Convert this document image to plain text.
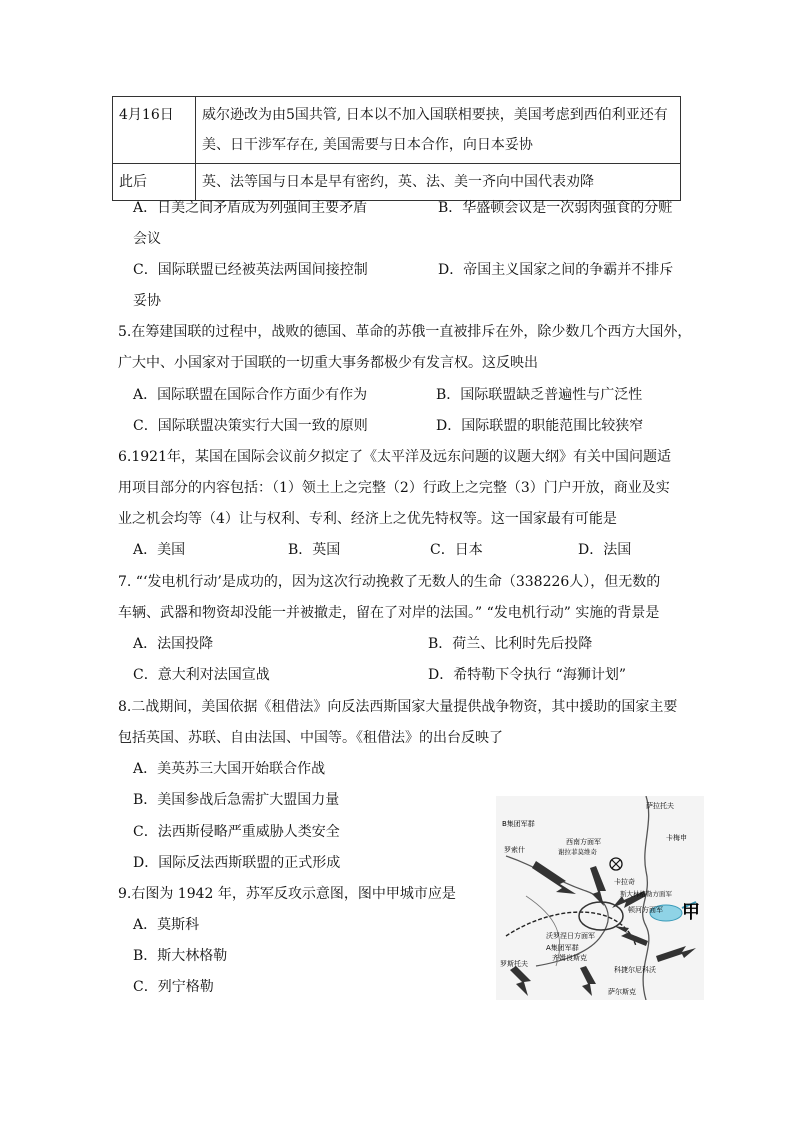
4月16日	威尔逊改为由5国共管, 日本以不加入国联相要挟，美国考虑到西伯利亚还有
美、日干涉军存在, 美国需要与日本合作，向日本妥协

此后	英、法等国与日本是早有密约，英、法、美一齐向中国代表劝降
A．日美之间矛盾成为列强间主要矛盾	B．华盛顿会议是一次弱肉强食的分赃
会议
C．国际联盟已经被英法两国间接控制	D．帝国主义国家之间的争霸并不排斥
妥协
5.在筹建国联的过程中，战败的德国、革命的苏俄一直被排斥在外，除少数几个西方大国外，
广大中、小国家对于国联的一切重大事务都极少有发言权。这反映出
A．国际联盟在国际合作方面少有作为	B．国际联盟缺乏普遍性与广泛性
C．国际联盟决策实行大国一致的原则	D．国际联盟的职能范围比较狭窄
6.1921年，某国在国际会议前夕拟定了《太平洋及远东问题的议题大纲》有关中国问题适
用项目部分的内容包括：（1）领土上之完整（2）行政上之完整（3）门户开放，商业及实
业之机会均等（4）让与权利、专利、经济上之优先特权等。这一国家最有可能是
A．美国	B．英国	C．日本	D．法国
7. “‘发电机行动’是成功的，因为这次行动挽救了无数人的生命（338226人），但无数的
车辆、武器和物资却没能一并被撤走，留在了对岸的法国。” “发电机行动” 实施的背景是
A．法国投降	B．荷兰、比利时先后投降
C．意大利对法国宣战	D．希特勒下令执行 “海狮计划”
8.二战期间，美国依据《租借法》向反法西斯国家大量提供战争物资，其中援助的国家主要
包括英国、苏联、自由法国、中国等。《租借法》的出台反映了
A．美英苏三大国开始联合作战
B．美国参战后急需扩大盟国力量
C．法西斯侵略严重威胁人类安全
D．国际反法西斯联盟的正式形成
9.右图为 1942 年，苏军反攻示意图，图中甲城市应是
A．莫斯科
B．斯大林格勒
C．列宁格勒
萨拉托夫
卡梅申
B集团军群
罗索什
西南方面军
谢拉菲莫维奇
顿河方面军
卡拉奇
斯大林格勒方面军
沃罗涅日方面军
A集团军群
罗斯托夫
齐姆良斯克
科捷尔尼科沃
萨尔斯克
甲
